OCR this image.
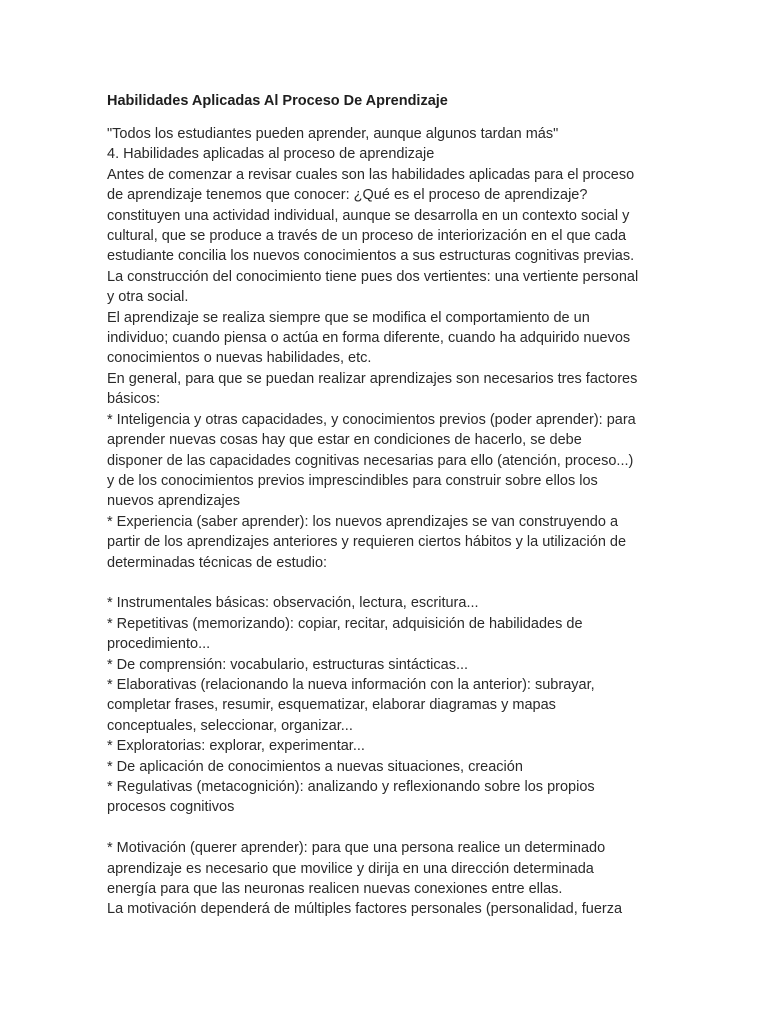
Habilidades Aplicadas Al Proceso De Aprendizaje
"Todos los estudiantes pueden aprender, aunque algunos tardan más"
4. Habilidades aplicadas al proceso de aprendizaje
Antes de comenzar a revisar cuales son las habilidades aplicadas para el proceso
de aprendizaje tenemos que conocer: ¿Qué es el proceso de aprendizaje?
constituyen una actividad individual, aunque se desarrolla en un contexto social y
cultural, que se produce a través de un proceso de interiorización en el que cada
estudiante concilia los nuevos conocimientos a sus estructuras cognitivas previas.
La construcción del conocimiento tiene pues dos vertientes: una vertiente personal
y otra social.
El aprendizaje se realiza siempre que se modifica el comportamiento de un
individuo; cuando piensa o actúa en forma diferente, cuando ha adquirido nuevos
conocimientos o nuevas habilidades, etc.
En general, para que se puedan realizar aprendizajes son necesarios tres factores
básicos:
* Inteligencia y otras capacidades, y conocimientos previos (poder aprender): para
aprender nuevas cosas hay que estar en condiciones de hacerlo, se debe
disponer de las capacidades cognitivas necesarias para ello (atención, proceso...)
y de los conocimientos previos imprescindibles para construir sobre ellos los
nuevos aprendizajes
* Experiencia (saber aprender): los nuevos aprendizajes se van construyendo a
partir de los aprendizajes anteriores y requieren ciertos hábitos y la utilización de
determinadas técnicas de estudio:
* Instrumentales básicas: observación, lectura, escritura...
* Repetitivas (memorizando): copiar, recitar, adquisición de habilidades de
procedimiento...
* De comprensión: vocabulario, estructuras sintácticas...
* Elaborativas (relacionando la nueva información con la anterior): subrayar,
completar frases, resumir, esquematizar, elaborar diagramas y mapas
conceptuales, seleccionar, organizar...
* Exploratorias: explorar, experimentar...
* De aplicación de conocimientos a nuevas situaciones, creación
* Regulativas (metacognición): analizando y reflexionando sobre los propios
procesos cognitivos
* Motivación (querer aprender): para que una persona realice un determinado
aprendizaje es necesario que movilice y dirija en una dirección determinada
energía para que las neuronas realicen nuevas conexiones entre ellas.
La motivación dependerá de múltiples factores personales (personalidad, fuerza
